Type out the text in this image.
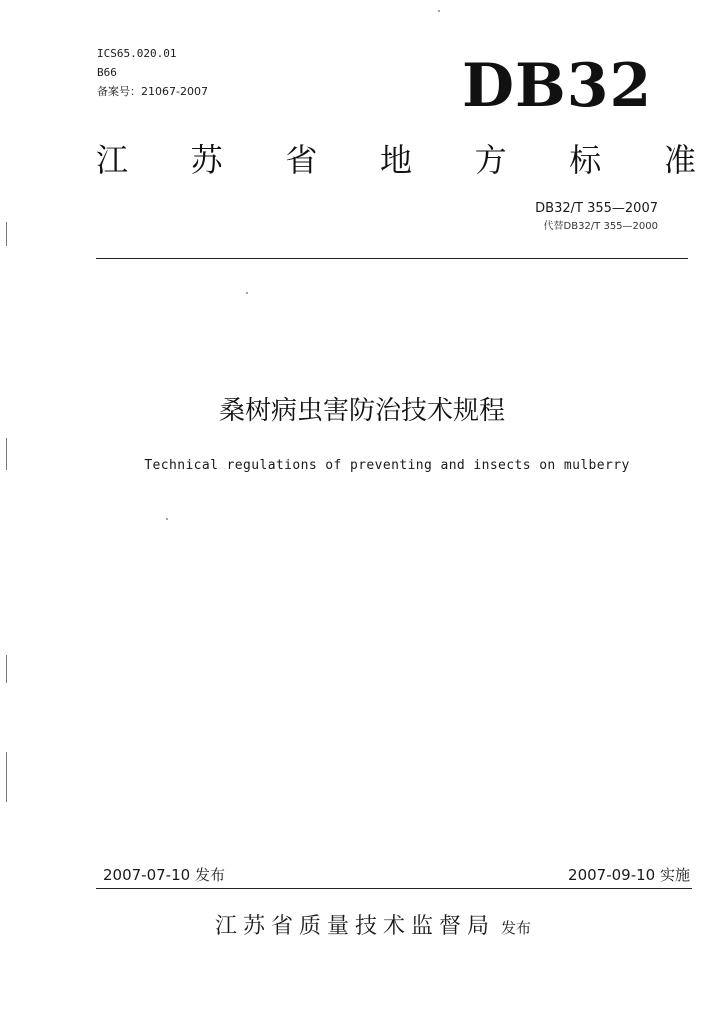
ICS65.020.01
B66
备案号：21067-2007	DB32
江 苏 省 地 方 标 准
DB32/T 355—2007
代替DB32/T 355—2000
桑树病虫害防治技术规程
Technical regulations of preventing and insects on mulberry
2007-07-10 发布	2007-09-10 实施
江苏省质量技术监督局 发布
